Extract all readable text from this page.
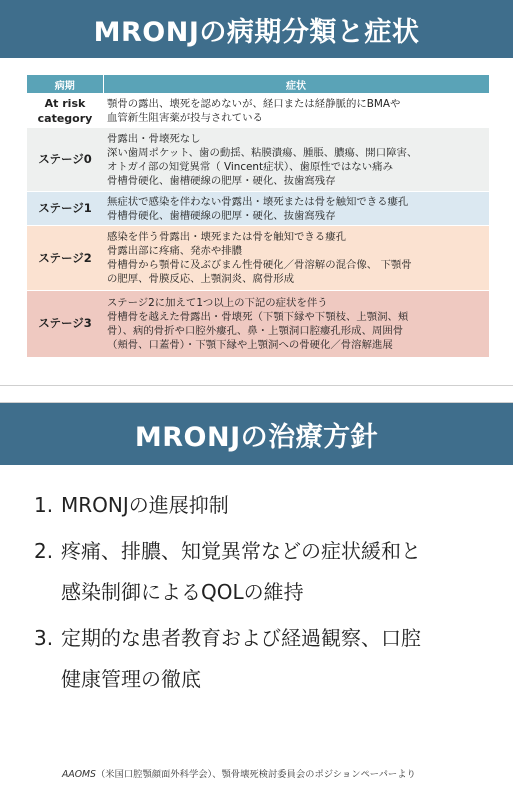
MRONJの病期分類と症状
病期	症状

At risk
category	顎骨の露出、壊死を認めないが、経口または経静脈的にBMAや
血管新生阻害薬が投与されている

ステージ0	骨露出・骨壊死なし
深い歯周ポケット、歯の動揺、粘膜潰瘍、腫脹、膿瘍、開口障害、
オトガイ部の知覚異常（ Vincent症状）、歯原性ではない痛み
骨槽骨硬化、歯槽硬線の肥厚・硬化、抜歯窩残存

ステージ1	無症状で感染を伴わない骨露出・壊死または骨を触知できる瘻孔
骨槽骨硬化、歯槽硬線の肥厚・硬化、抜歯窩残存

ステージ2	感染を伴う骨露出・壊死または骨を触知できる瘻孔
骨露出部に疼痛、発赤や排膿
骨槽骨から顎骨に及ぶびまん性骨硬化／骨溶解の混合像、 下顎骨
の肥厚、骨膜反応、上顎洞炎、腐骨形成

ステージ3	ステージ2に加えて1つ以上の下記の症状を伴う
骨槽骨を越えた骨露出・骨壊死（下顎下縁や下顎枝、上顎洞、頬
骨）、病的骨折や口腔外瘻孔、鼻・上顎洞口腔瘻孔形成、周囲骨
（頬骨、口蓋骨）・下顎下縁や上顎洞への骨硬化／骨溶解進展
MRONJの治療方針
1. MRONJの進展抑制
2. 疼痛、排膿、知覚異常などの症状緩和と
感染制御によるQOLの維持
3. 定期的な患者教育および経過観察、口腔
健康管理の徹底
AAOMS（米国口腔顎顔面外科学会）、顎骨壊死検討委員会のポジションペーパーより
